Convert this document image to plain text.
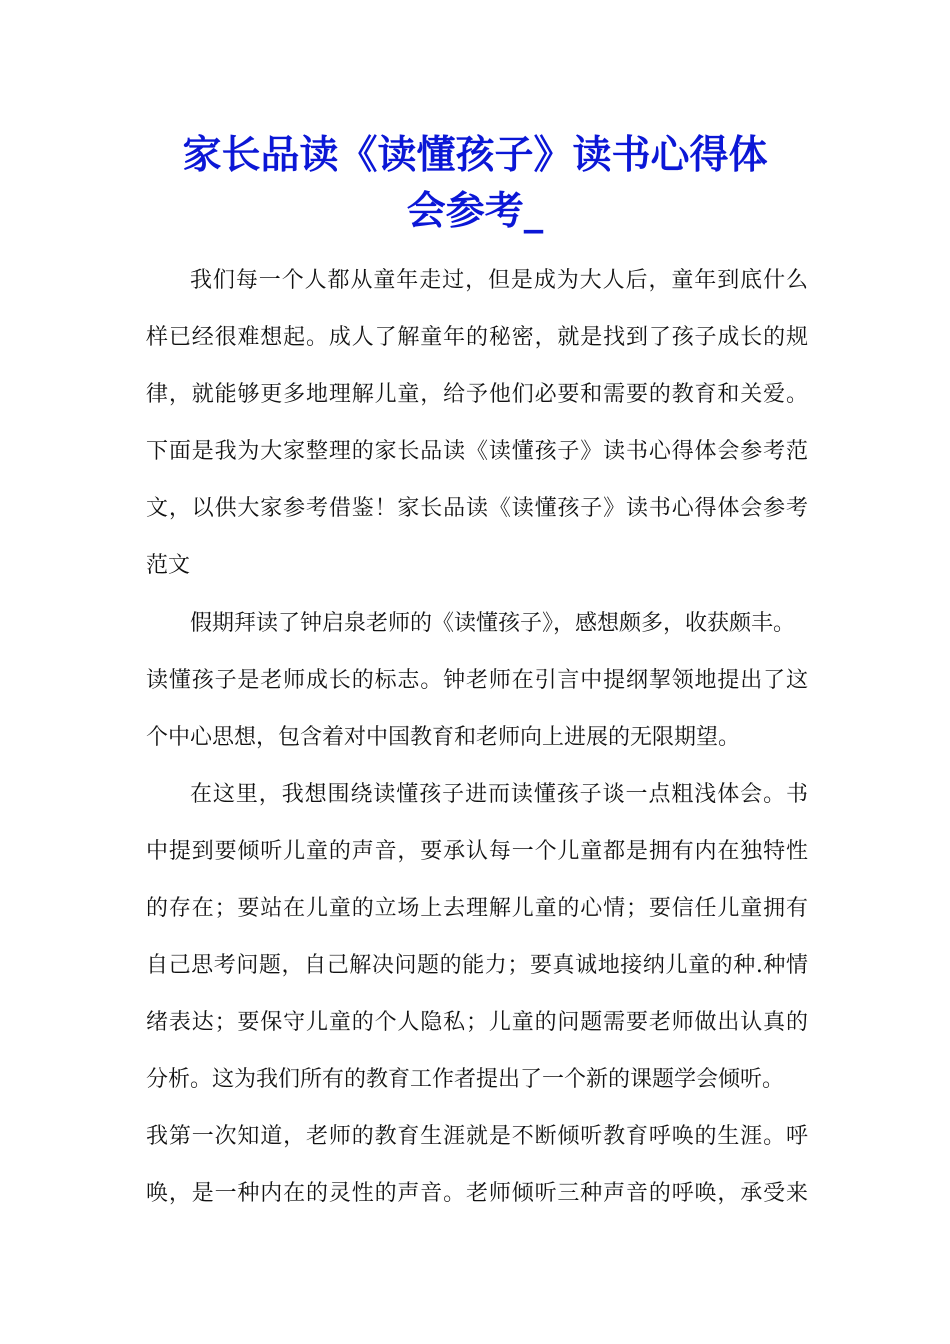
家长品读《读懂孩子》读书心得体
会参考_
我们每一个人都从童年走过，但是成为大人后，童年到底什么
样已经很难想起。成人了解童年的秘密，就是找到了孩子成长的规
律，就能够更多地理解儿童，给予他们必要和需要的教育和关爱。
下面是我为大家整理的家长品读《读懂孩子》读书心得体会参考范
文，以供大家参考借鉴！家长品读《读懂孩子》读书心得体会参考
范文
假期拜读了钟启泉老师的《读懂孩子》，感想颇多，收获颇丰。
读懂孩子是老师成长的标志。钟老师在引言中提纲挈领地提出了这
个中心思想，包含着对中国教育和老师向上进展的无限期望。
在这里，我想围绕读懂孩子进而读懂孩子谈一点粗浅体会。书
中提到要倾听儿童的声音，要承认每一个儿童都是拥有内在独特性
的存在；要站在儿童的立场上去理解儿童的心情；要信任儿童拥有
自己思考问题，自己解决问题的能力；要真诚地接纳儿童的种.种情
绪表达；要保守儿童的个人隐私；儿童的问题需要老师做出认真的
分析。这为我们所有的教育工作者提出了一个新的课题学会倾听。
我第一次知道，老师的教育生涯就是不断倾听教育呼唤的生涯。呼
唤，是一种内在的灵性的声音。老师倾听三种声音的呼唤，承受来
